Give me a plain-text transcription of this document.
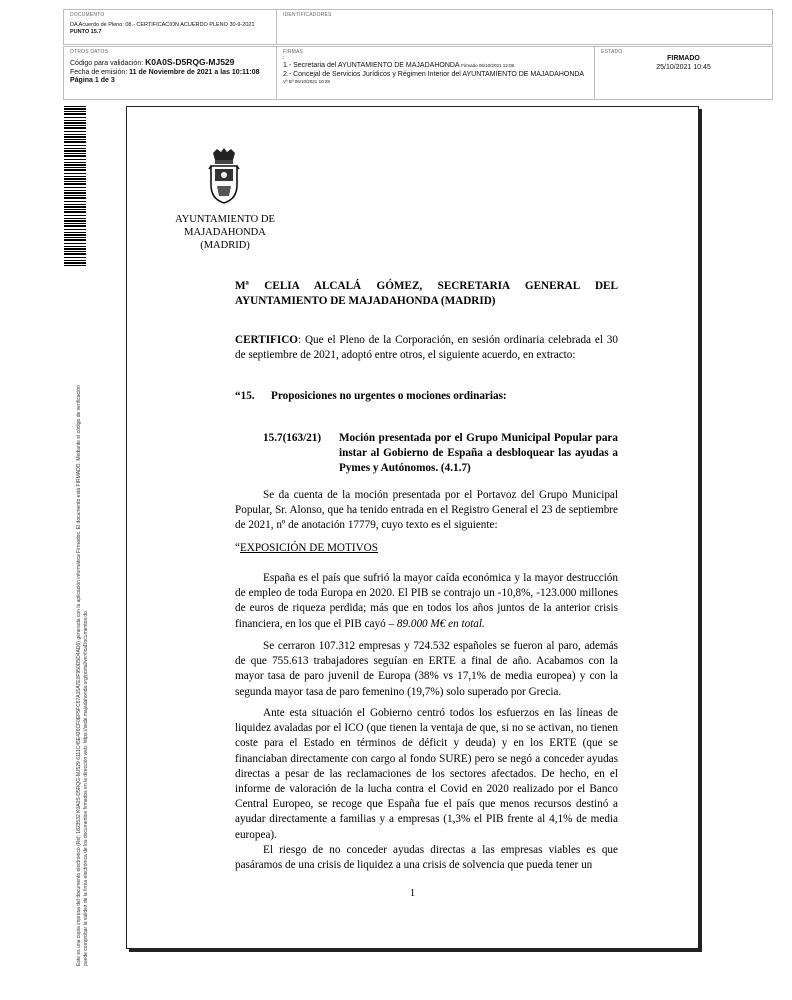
DOCUMENTO
DA Acuerdo de Pleno: 08.- CERTIFICACION ACUERDO PLENO 30-9-2021
PUNTO 15.7
IDENTIFICADORES
OTROS DATOS
Código para validación: K0A0S-D5RQG-MJ529
Fecha de emisión: 11 de Noviembre de 2021 a las 10:11:08
Página 1 de 3
FIRMAS
:
1.- Secretaria del AYUNTAMIENTO DE MAJADAHONDA Firmado 06/10/2021 12:08
2.- Concejal de Servicios Jurídicos y Régimen Interior del AYUNTAMIENTO DE MAJADAHONDA
Vº Bº 06/10/2021 10:28
ESTADO
FIRMADO
25/10/2021 10:45
Este es una copia impresa del documento electrónico (Ref: 1823532 K0A0S-D5RQG-MJ529 6111C45E426CF0EF5FC67A15A7E0F950D5D4AD6) generada con la aplicación informática Firmadoc. El documento está FIRMADO. Mediante el código de verificación puede comprobar la validez de la firma electrónica de los documentos firmados en la dirección web: https://sede.majadahonda.org/portal/verificaDocumentos.do
AYUNTAMIENTO DE
MAJADAHONDA
(MADRID)
Mª CELIA ALCALÁ GÓMEZ, SECRETARIA GENERAL DEL AYUNTAMIENTO DE MAJADAHONDA (MADRID)
CERTIFICO: Que el Pleno de la Corporación, en sesión ordinaria celebrada el 30 de septiembre de 2021, adoptó entre otros, el siguiente acuerdo, en extracto:
“15. Proposiciones no urgentes o mociones ordinarias:
15.7(163/21) Moción presentada por el Grupo Municipal Popular para instar al Gobierno de España a desbloquear las ayudas a Pymes y Autónomos. (4.1.7)
Se da cuenta de la moción presentada por el Portavoz del Grupo Municipal Popular, Sr. Alonso, que ha tenido entrada en el Registro General el 23 de septiembre de 2021, nº de anotación 17779, cuyo texto es el siguiente:
“EXPOSICIÓN DE MOTIVOS
España es el país que sufrió la mayor caída económica y la mayor destrucción de empleo de toda Europa en 2020. El PIB se contrajo un -10,8%, -123.000 millones de euros de riqueza perdida; más que en todos los años juntos de la anterior crisis financiera, en los que el PIB cayó – 89.000 M€ en total.
Se cerraron 107.312 empresas y 724.532 españoles se fueron al paro, además de que 755.613 trabajadores seguían en ERTE a final de año. Acabamos con la mayor tasa de paro juvenil de Europa (38% vs 17,1% de media europea) y con la segunda mayor tasa de paro femenino (19,7%) solo superado por Grecia.
Ante esta situación el Gobierno centró todos los esfuerzos en las líneas de liquidez avaladas por el ICO (que tienen la ventaja de que, si no se activan, no tienen coste para el Estado en términos de déficit y deuda) y en los ERTE (que se financiaban directamente con cargo al fondo SURE) pero se negó a conceder ayudas directas a pesar de las reclamaciones de los sectores afectados. De hecho, en el informe de valoración de la lucha contra el Covid en 2020 realizado por el Banco Central Europeo, se recoge que España fue el país que menos recursos destinó a ayudar directamente a familias y a empresas (1,3% el PIB frente al 4,1% de media europea).
El riesgo de no conceder ayudas directas a las empresas viables es que pasáramos de una crisis de liquidez a una crisis de solvencia que pueda tener un
1
